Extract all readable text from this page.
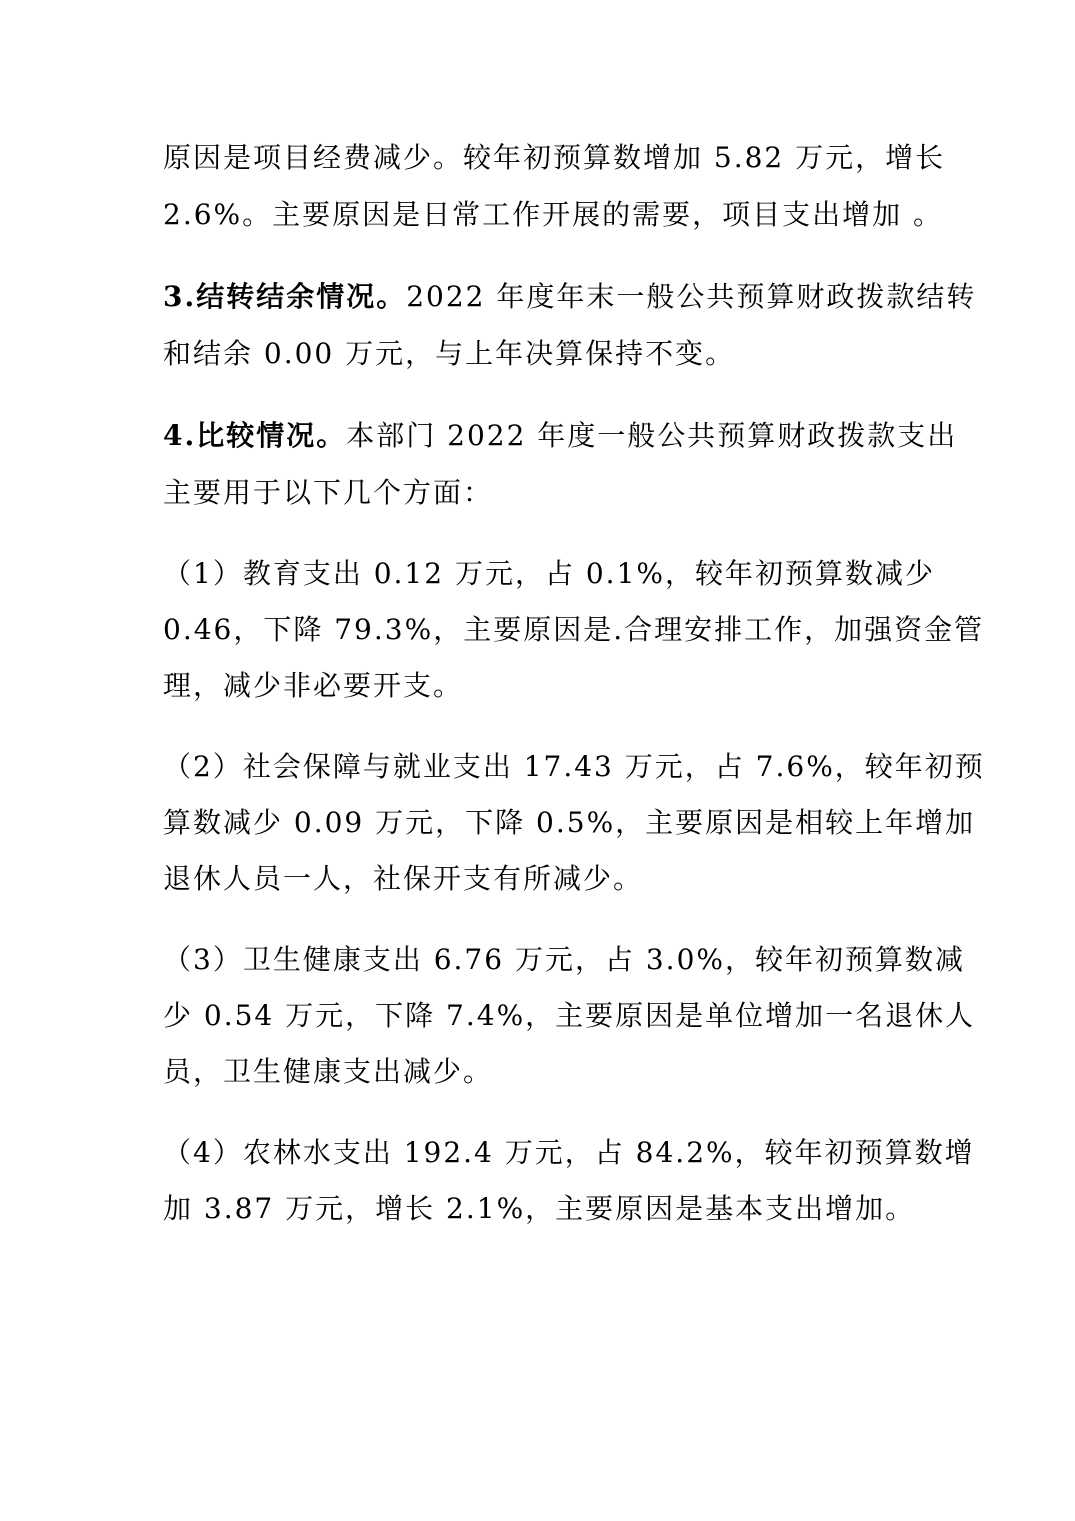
原因是项目经费减少。较年初预算数增加 5.82 万元，增长
2.6%。主要原因是日常工作开展的需要，项目支出增加 。
3.结转结余情况。2022 年度年末一般公共预算财政拨款结转
和结余 0.00 万元，与上年决算保持不变。
4.比较情况。本部门 2022 年度一般公共预算财政拨款支出
主要用于以下几个方面：
（1）教育支出 0.12 万元，占 0.1%，较年初预算数减少
0.46，下降 79.3%，主要原因是.合理安排工作，加强资金管
理，减少非必要开支。
（2）社会保障与就业支出 17.43 万元，占 7.6%，较年初预
算数减少 0.09 万元，下降 0.5%，主要原因是相较上年增加
退休人员一人，社保开支有所减少。
（3）卫生健康支出 6.76 万元，占 3.0%，较年初预算数减
少 0.54 万元，下降 7.4%，主要原因是单位增加一名退休人
员，卫生健康支出减少。
（4）农林水支出 192.4 万元，占 84.2%，较年初预算数增
加 3.87 万元，增长 2.1%，主要原因是基本支出增加。
